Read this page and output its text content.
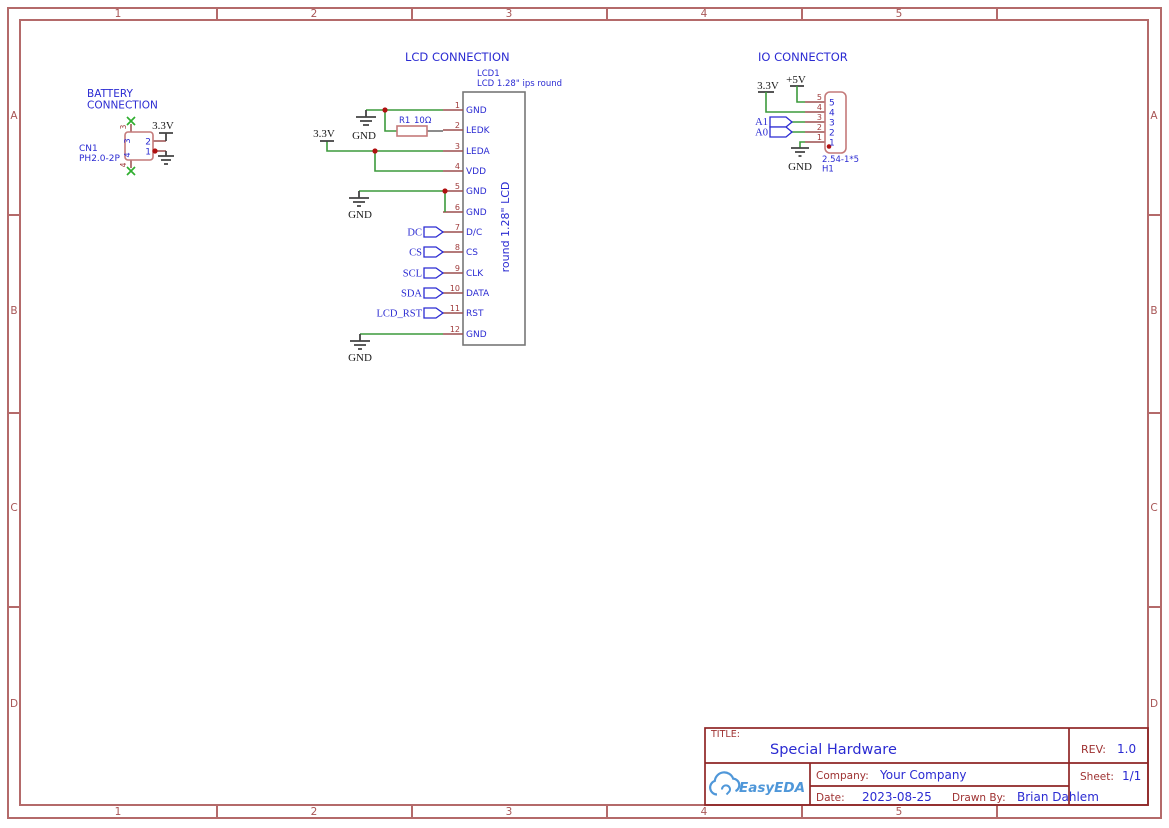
1	2	3	4	5
1	2	3	4	5
A
B
C
D
A
B
C
D
BATTERY
CONNECTION
CN1
PH2.0-2P
3 2
1
4
3
4
3.3V
LCD CONNECTION
LCD1
LCD 1.28" ips round
round 1.28" LCD
R1 10Ω
3.3V GND
GND
GND
1
2
3
4
5
6
7
8
9
10
11
12
GND
LEDK
LEDA
VDD
GND
GND
D/C
CS
CLK
DATA
RST
GND
DC
CS
SCL
SDA
LCD_RST
IO CONNECTOR
3.3V +5V
GND
5
4
3
2
1
5
4
3
2
1
A1
A0
2.54-1*5
H1
TITLE:
Special Hardware	REV: 1.0
EasyEDA
Company: Your Company	Sheet: 1/1
Date: 2023-08-25 Drawn By: Brian Dahlem
